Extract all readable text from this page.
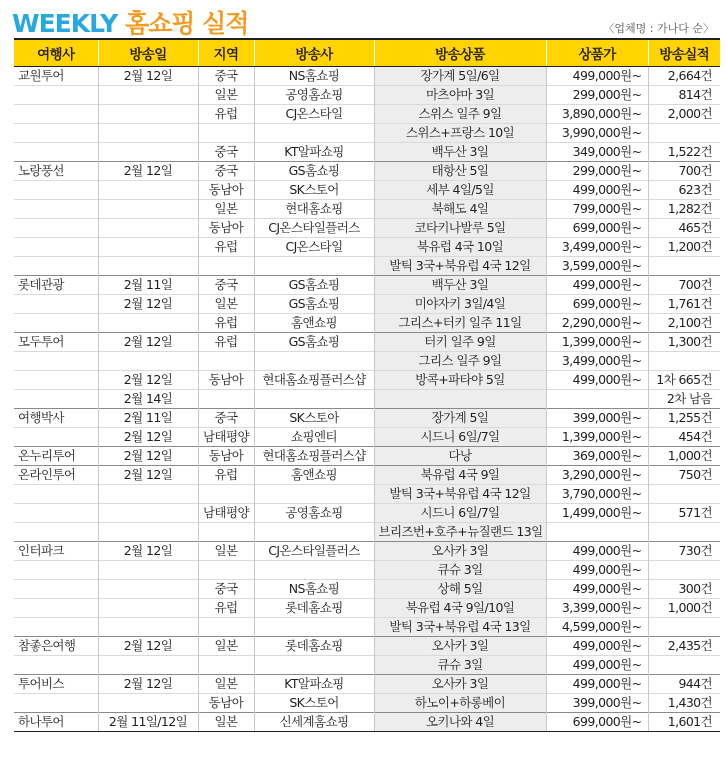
WEEKLY 홈쇼핑 실적	〈업체명 : 가나다 순〉
여행사	방송일	지역	방송사	방송상품	상품가	방송실적
교원투어	2월 12일	중국	NS홈쇼핑	장가계 5일/6일	499,000원~	2,664건
		일본	공영홈쇼핑	마츠야마 3일	299,000원~	814건
		유럽	CJ온스타일	스위스 일주 9일	3,890,000원~	2,000건
				스위스+프랑스 10일	3,990,000원~	
		중국	KT알파쇼핑	백두산 3일	349,000원~	1,522건
노랑풍선	2월 12일	중국	GS홈쇼핑	태항산 5일	299,000원~	700건
		동남아	SK스토어	세부 4일/5일	499,000원~	623건
		일본	현대홈쇼핑	북해도 4일	799,000원~	1,282건
		동남아	CJ온스타일플러스	코타키나발루 5일	699,000원~	465건
		유럽	CJ온스타일	북유럽 4국 10일	3,499,000원~	1,200건
				발틱 3국+북유럽 4국 12일	3,599,000원~	
롯데관광	2월 11일	중국	GS홈쇼핑	백두산 3일	499,000원~	700건
	2월 12일	일본	GS홈쇼핑	미야자키 3일/4일	699,000원~	1,761건
		유럽	홈앤쇼핑	그리스+터키 일주 11일	2,290,000원~	2,100건
모두투어	2월 12일	유럽	GS홈쇼핑	터키 일주 9일	1,399,000원~	1,300건
				그리스 일주 9일	3,499,000원~	
	2월 12일	동남아	현대홈쇼핑플러스샵	방콕+파타야 5일	499,000원~	1차 665건
	2월 14일					2차 남음
여행박사	2월 11일	중국	SK스토아	장가계 5일	399,000원~	1,255건
	2월 12일	남태평양	쇼핑엔티	시드니 6일/7일	1,399,000원~	454건
온누리투어	2월 12일	동남아	현대홈쇼핑플러스샵	다낭	369,000원~	1,000건
온라인투어	2월 12일	유럽	홈앤쇼핑	북유럽 4국 9일	3,290,000원~	750건
				발틱 3국+북유럽 4국 12일	3,790,000원~	
		남태평양	공영홈쇼핑	시드니 6일/7일	1,499,000원~	571건
				브리즈번+호주+뉴질랜드 13일		
인터파크	2월 12일	일본	CJ온스타일플러스	오사카 3일	499,000원~	730건
				큐슈 3일	499,000원~	
		중국	NS홈쇼핑	상해 5일	499,000원~	300건
		유럽	롯데홈쇼핑	북유럽 4국 9일/10일	3,399,000원~	1,000건
				발틱 3국+북유럽 4국 13일	4,599,000원~	
참좋은여행	2월 12일	일본	롯데홈쇼핑	오사카 3일	499,000원~	2,435건
				큐슈 3일	499,000원~	
투어비스	2월 12일	일본	KT알파쇼핑	오사카 3일	499,000원~	944건
		동남아	SK스토어	하노이+하롱베이	399,000원~	1,430건
하나투어	2월 11일/12일	일본	신세계홈쇼핑	오키나와 4일	699,000원~	1,601건
